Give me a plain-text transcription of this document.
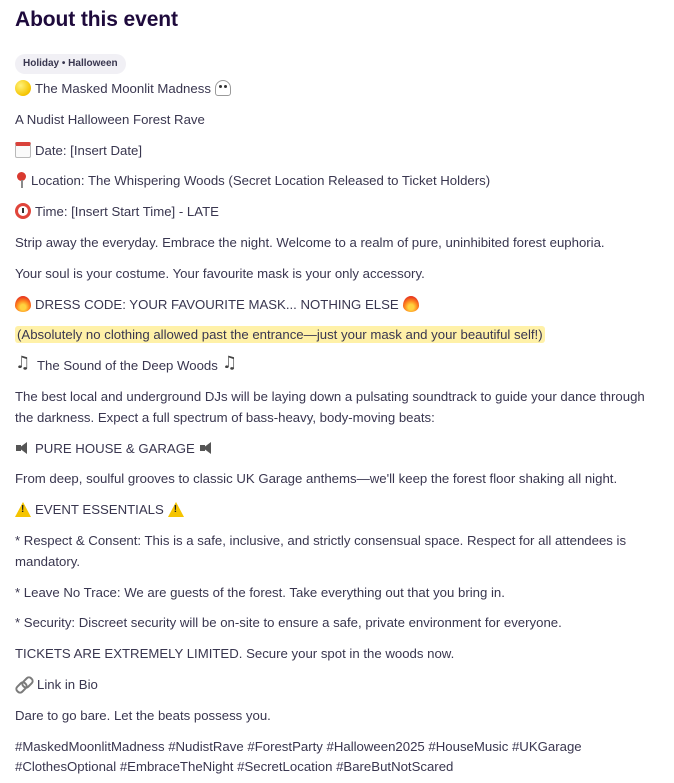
About this event
Holiday • Halloween

The Masked Moonlit Madness

A Nudist Halloween Forest Rave

Date: [Insert Date]

Location: The Whispering Woods (Secret Location Released to Ticket Holders)

Time: [Insert Start Time] - LATE

Strip away the everyday. Embrace the night. Welcome to a realm of pure, uninhibited forest euphoria.

Your soul is your costume. Your favourite mask is your only accessory.

DRESS CODE: YOUR FAVOURITE MASK... NOTHING ELSE

(Absolutely no clothing allowed past the entrance—just your mask and your beautiful self!)

♫The Sound of the Deep Woods♫

The best local and underground DJs will be laying down a pulsating soundtrack to guide your dance through the darkness. Expect a full spectrum of bass-heavy, body-moving beats:

PURE HOUSE & GARAGE

From deep, soulful grooves to classic UK Garage anthems—we'll keep the forest floor shaking all night.

!EVENT ESSENTIALS!

* Respect & Consent: This is a safe, inclusive, and strictly consensual space. Respect for all attendees is mandatory.

* Leave No Trace: We are guests of the forest. Take everything out that you bring in.

* Security: Discreet security will be on-site to ensure a safe, private environment for everyone.

TICKETS ARE EXTREMELY LIMITED. Secure your spot in the woods now.

Link in Bio

Dare to go bare. Let the beats possess you.

#MaskedMoonlitMadness #NudistRave #ForestParty #Halloween2025 #HouseMusic #UKGarage #ClothesOptional #EmbraceTheNight #SecretLocation #BareButNotScared
